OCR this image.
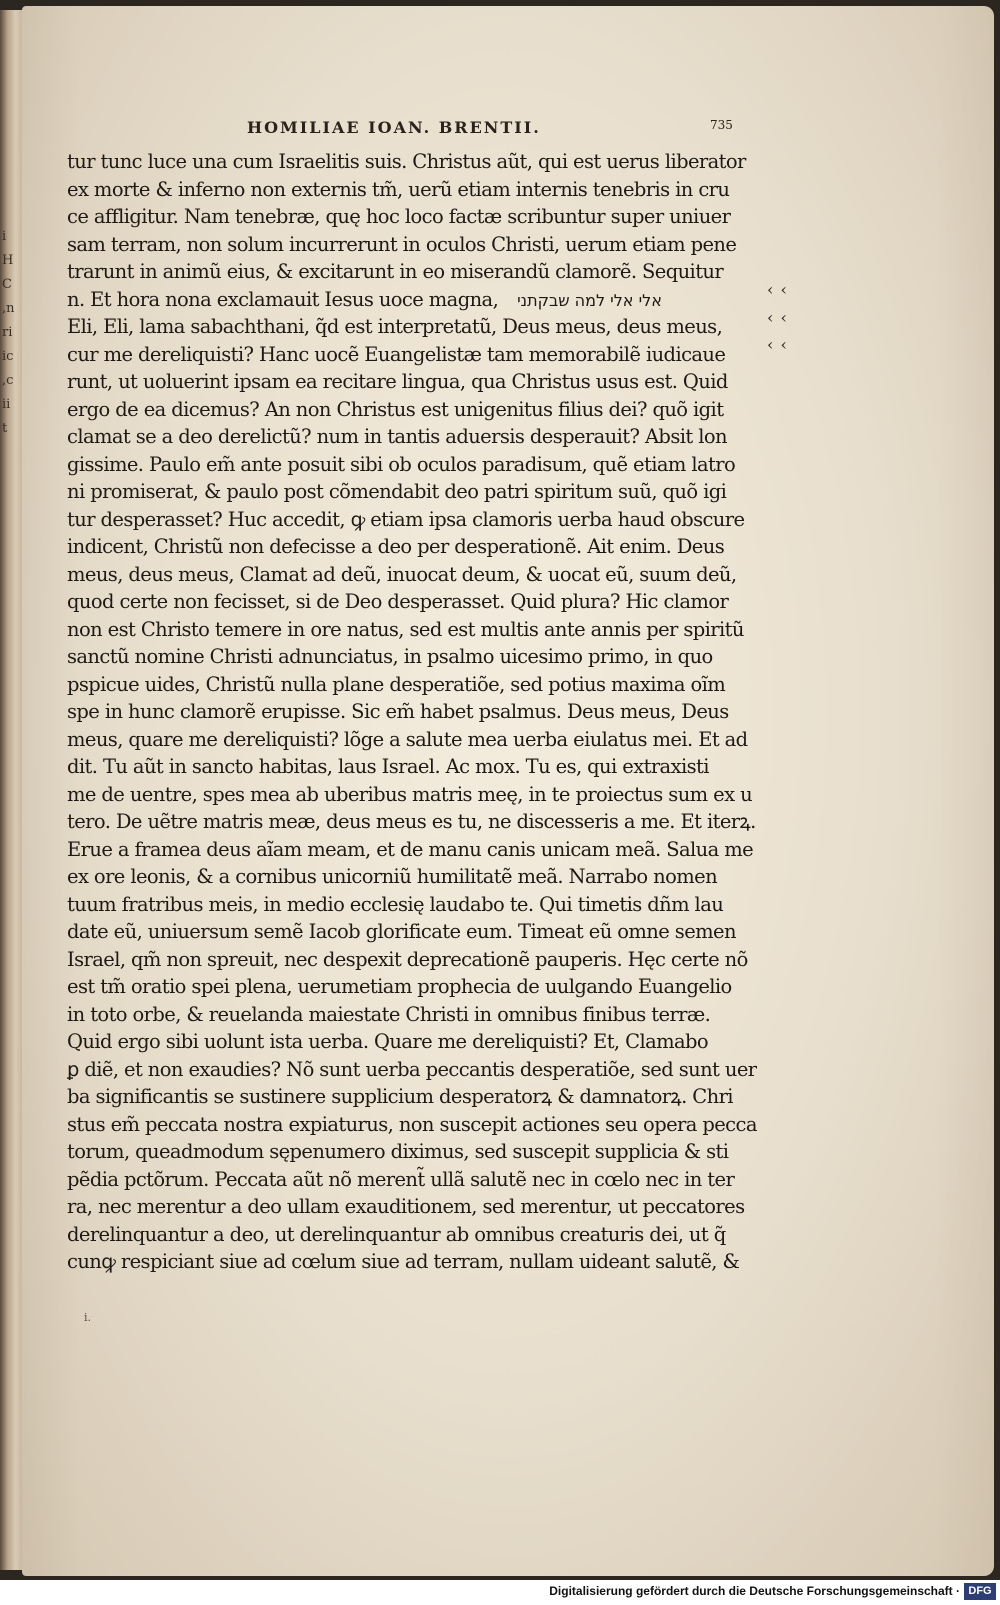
i H C ,n ri ic ,c ii t
HOMILIAE IOAN. BRENTII.	735
tur tunc luce una cum Israelitis suis. Christus aũt, qui est uerus liberator
ex morte & inferno non externis tm̃, uerũ etiam internis tenebris in cru
ce affligitur. Nam tenebræ, quę hoc loco factæ scribuntur super uniuer
sam terram, non solum incurrerunt in oculos Christi, uerum etiam pene
trarunt in animũ eius, & excitarunt in eo miserandũ clamorẽ. Sequitur
n. Et hora nona exclamauit Iesus uoce magna,  אלי אלי למה שבקתני
Eli, Eli, lama sabachthani, q̃d est interpretatũ, Deus meus, deus meus,
cur me dereliquisti? Hanc uocẽ Euangelistæ tam memorabilẽ iudicaue
runt, ut uoluerint ipsam ea recitare lingua, qua Christus usus est. Quid
ergo de ea dicemus? An non Christus est unigenitus filius dei? quõ igit
clamat se a deo derelictũ? num in tantis aduersis desperauit? Absit lon
gissime. Paulo em̃ ante posuit sibi ob oculos paradisum, quẽ etiam latro
ni promiserat, & paulo post cõmendabit deo patri spiritum suũ, quõ igi
tur desperasset? Huc accedit, ꝙ etiam ipsa clamoris uerba haud obscure
indicent, Christũ non defecisse a deo per desperationẽ. Ait enim. Deus
meus, deus meus, Clamat ad deũ, inuocat deum, & uocat eũ, suum deũ,
quod certe non fecisset, si de Deo desperasset. Quid plura? Hic clamor
non est Christo temere in ore natus, sed est multis ante annis per spiritũ
sanctũ nomine Christi adnunciatus, in psalmo uicesimo primo, in quo
pspicue uides, Christũ nulla plane desperatiõe, sed potius maxima oĩm
spe in hunc clamorẽ erupisse. Sic em̃ habet psalmus. Deus meus, Deus
meus, quare me dereliquisti? lõge a salute mea uerba eiulatus mei. Et ad
dit. Tu aũt in sancto habitas, laus Israel. Ac mox. Tu es, qui extraxisti
me de uentre, spes mea ab uberibus matris meę, in te proiectus sum ex u
tero. De uẽtre matris meæ, deus meus es tu, ne discesseris a me. Et iterꝝ.
Erue a framea deus aĩam meam, et de manu canis unicam meã. Salua me
ex ore leonis, & a cornibus unicorniũ humilitatẽ meã. Narrabo nomen
tuum fratribus meis, in medio ecclesię laudabo te. Qui timetis dñm lau
date eũ, uniuersum semẽ Iacob glorificate eum. Timeat eũ omne semen
Israel, qm̃ non spreuit, nec despexit deprecationẽ pauperis. Hęc certe nõ
est tm̃ oratio spei plena, uerumetiam prophecia de uulgando Euangelio
in toto orbe, & reuelanda maiestate Christi in omnibus finibus terræ.
Quid ergo sibi uolunt ista uerba. Quare me dereliquisti? Et, Clamabo
ꝑ diẽ, et non exaudies? Nõ sunt uerba peccantis desperatiõe, sed sunt uer
ba significantis se sustinere supplicium desperatorꝝ & damnatorꝝ. Chri
stus em̃ peccata nostra expiaturus, non suscepit actiones seu opera pecca
torum, queadmodum sępenumero diximus, sed suscepit supplicia & sti
pẽdia pctõrum. Peccata aũt nõ merent̃ ullã salutẽ nec in cœlo nec in ter
ra, nec merentur a deo ullam exauditionem, sed merentur, ut peccatores
derelinquantur a deo, ut derelinquantur ab omnibus creaturis dei, ut q̃
cunꝙ respiciant siue ad cœlum siue ad terram, nullam uideant salutẽ, &
‹ ‹
‹ ‹
‹ ‹
i.
Digitalisierung gefördert durch die Deutsche Forschungsgemeinschaft · DFG
